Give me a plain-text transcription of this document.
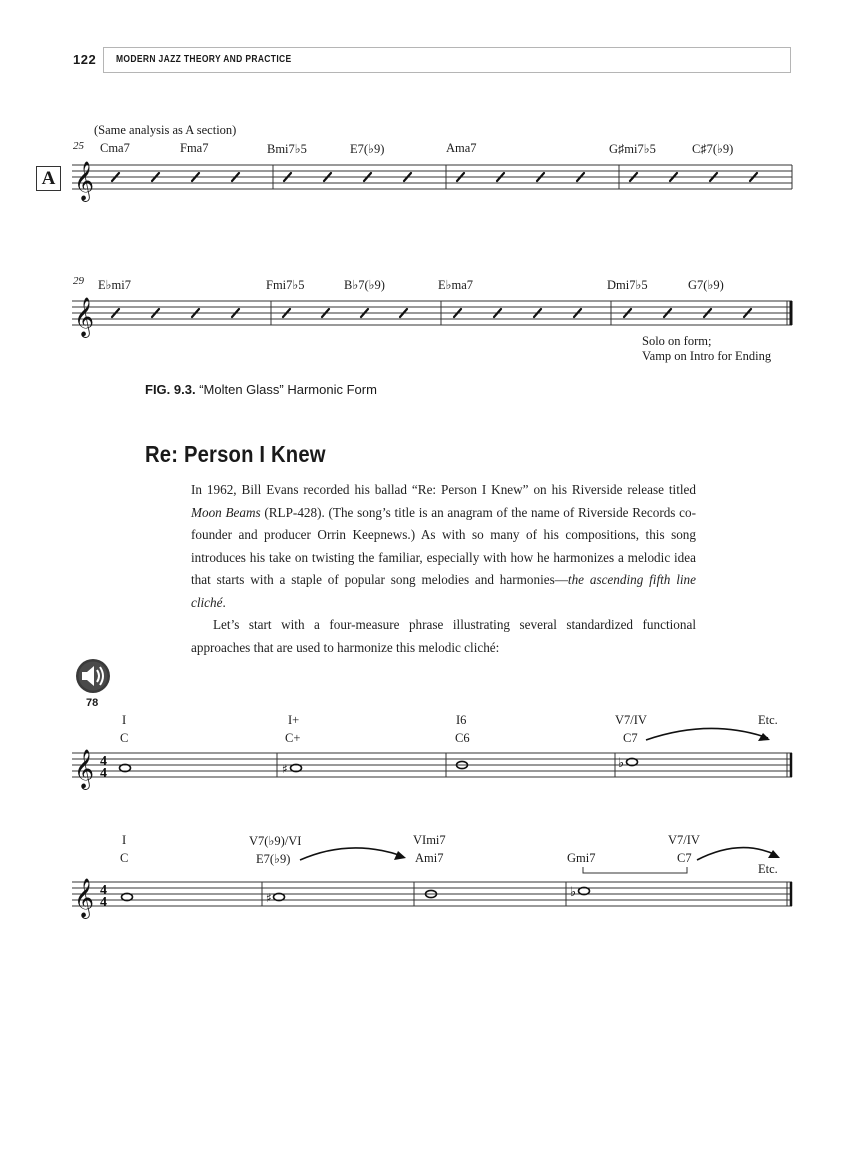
122 MODERN JAZZ THEORY AND PRACTICE
(Same analysis as A section)
A
25 Cma7	Fma7	Bmi7♭5	E7(♭9)	Ama7	G♯mi7♭5	C♯7(♭9)
𝄞
29 E♭mi7	Fmi7♭5	B♭7(♭9)	E♭ma7	Dmi7♭5	G7(♭9)
𝄞
Solo on form;
Vamp on Intro for Ending
FIG. 9.3. “Molten Glass” Harmonic Form
Re: Person I Knew

In 1962, Bill Evans recorded his ballad “Re: Person I Knew” on his Riverside release titled Moon Beams (RLP-428). (The song’s title is an anagram of the name of Riverside Records co-founder and producer Orrin Keepnews.) As with so many of his compositions, this song introduces his take on twisting the familiar, especially with how he harmonizes a melodic idea that starts with a staple of popular song melodies and harmonies—the ascending fifth line cliché.

Let’s start with a four-measure phrase illustrating several standardized functional approaches that are used to harmonize this melodic cliché:

78
I
C
I+
C+
I6
C6
V7/IV
C7
Etc.
𝄞 4
4	♯	♭
I
C
V7(♭9)/VI
E7(♭9)
VImi7
Ami7	Gmi7
V7/IV
C7
Etc.
𝄞 4
4	♯	♭
